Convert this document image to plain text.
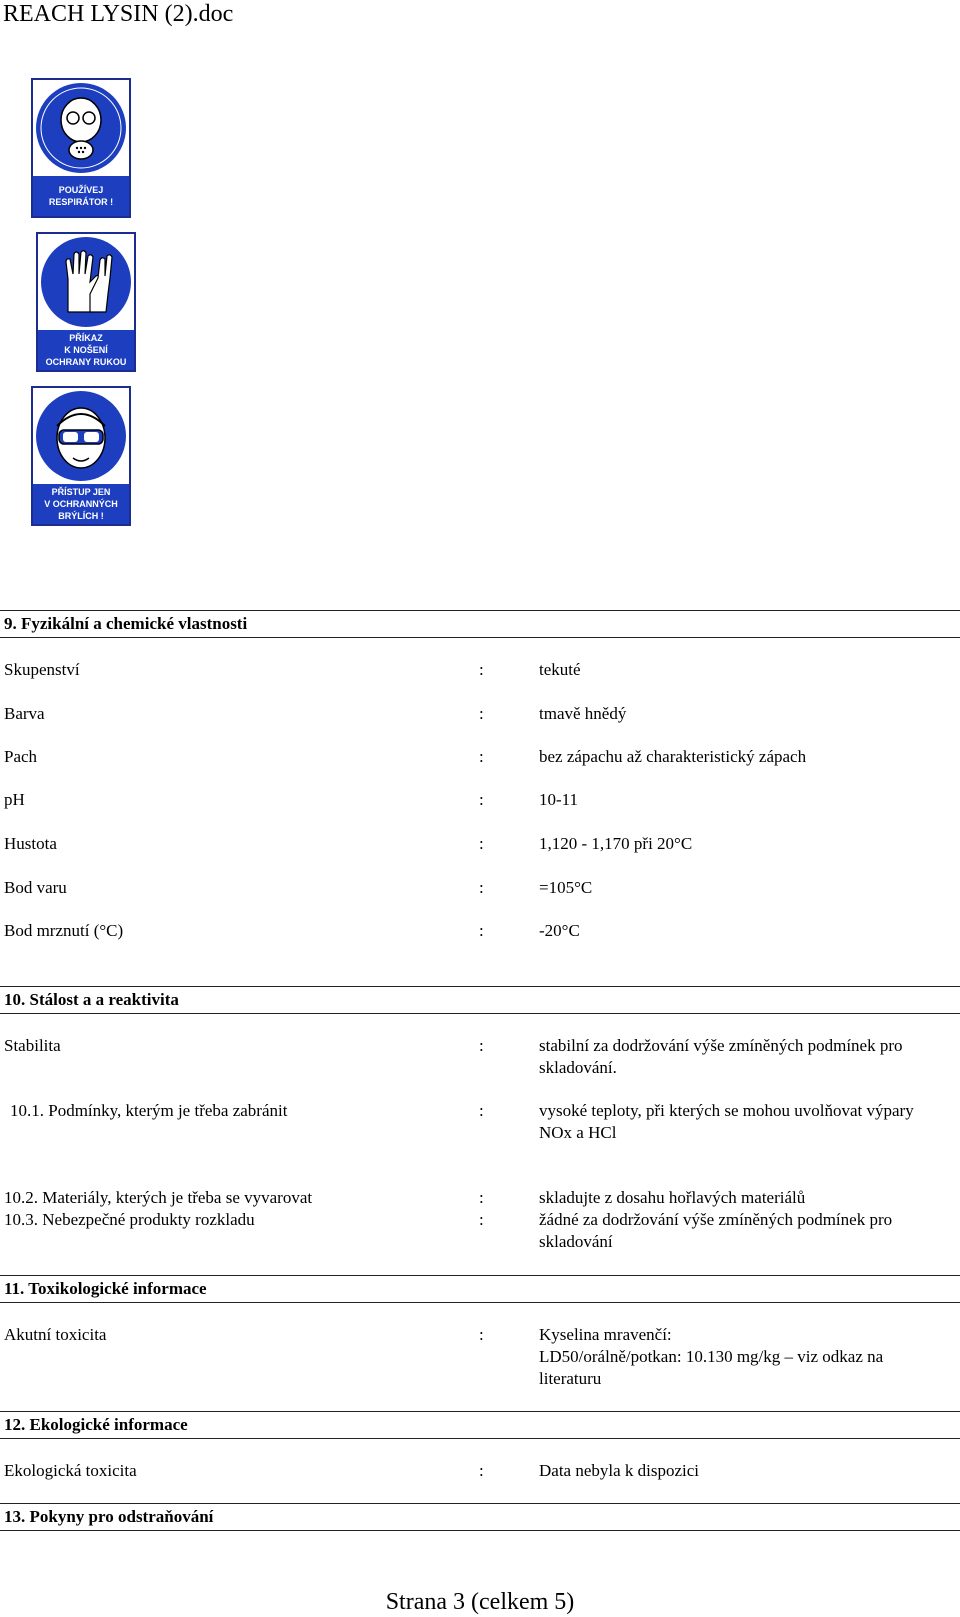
REACH LYSIN (2).doc
POUŽÍVEJ
RESPIRÁTOR !
PŘÍKAZ
K NOŠENÍ
OCHRANY RUKOU
PŘÍSTUP JEN
V OCHRANNÝCH
BRÝLÍCH !
9. Fyzikální a chemické vlastnosti
Skupenství	:	tekuté
Barva	:	tmavě hnědý
Pach	:	bez zápachu až charakteristický zápach
pH	:	10-11
Hustota	:	1,120 - 1,170 při 20°C
Bod varu	:	=105°C
Bod mrznutí (°C)	:	-20°C
10. Stálost a a reaktivita
Stabilita	:	stabilní za dodržování výše zmíněných podmínek pro skladování.
10.1. Podmínky, kterým je třeba zabránit	:	vysoké teploty, při kterých se mohou uvolňovat výpary NOx a HCl
10.2. Materiály, kterých je třeba se vyvarovat	:	skladujte z dosahu hořlavých materiálů
10.3. Nebezpečné produkty rozkladu	:	žádné za dodržování výše zmíněných podmínek pro skladování
11. Toxikologické informace
Akutní toxicita	:	Kyselina mravenčí:
LD50/orálně/potkan: 10.130 mg/kg – viz odkaz na literaturu
12. Ekologické informace
Ekologická toxicita	:	Data nebyla k dispozici
13. Pokyny pro odstraňování
Strana 3 (celkem 5)
